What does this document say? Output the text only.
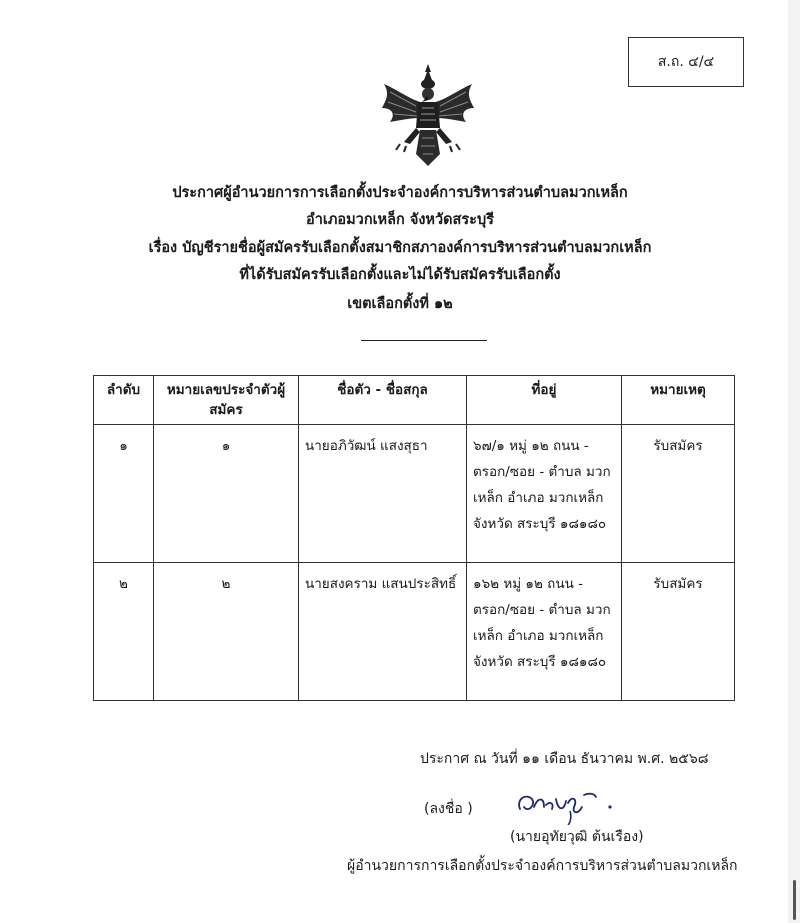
ส.ถ. ๔/๔
ประกาศผู้อำนวยการการเลือกตั้งประจำองค์การบริหารส่วนตำบลมวกเหล็ก
อำเภอมวกเหล็ก จังหวัดสระบุรี
เรื่อง บัญชีรายชื่อผู้สมัครรับเลือกตั้งสมาชิกสภาองค์การบริหารส่วนตำบลมวกเหล็ก
ที่ได้รับสมัครรับเลือกตั้งและไม่ได้รับสมัครรับเลือกตั้ง
เขตเลือกตั้งที่ ๑๒
ลำดับ	หมายเลขประจำตัวผู้สมัคร	ชื่อตัว - ชื่อสกุล	ที่อยู่	หมายเหตุ
๑	๑	นายอภิวัฒน์ แสงสุธา	๖๗/๑ หมู่ ๑๒ ถนน - ตรอก/ซอย - ตำบล มวกเหล็ก อำเภอ มวกเหล็ก จังหวัด สระบุรี ๑๘๑๘๐	รับสมัคร
๒	๒	นายสงคราม แสนประสิทธิ์	๑๖๒ หมู่ ๑๒ ถนน - ตรอก/ซอย - ตำบล มวกเหล็ก อำเภอ มวกเหล็ก จังหวัด สระบุรี ๑๘๑๘๐	รับสมัคร
ประกาศ ณ วันที่ ๑๑ เดือน ธันวาคม พ.ศ. ๒๕๖๘
(ลงชื่อ )
(นายอุทัยวุฒิ ต้นเรือง)
ผู้อำนวยการการเลือกตั้งประจำองค์การบริหารส่วนตำบลมวกเหล็ก
